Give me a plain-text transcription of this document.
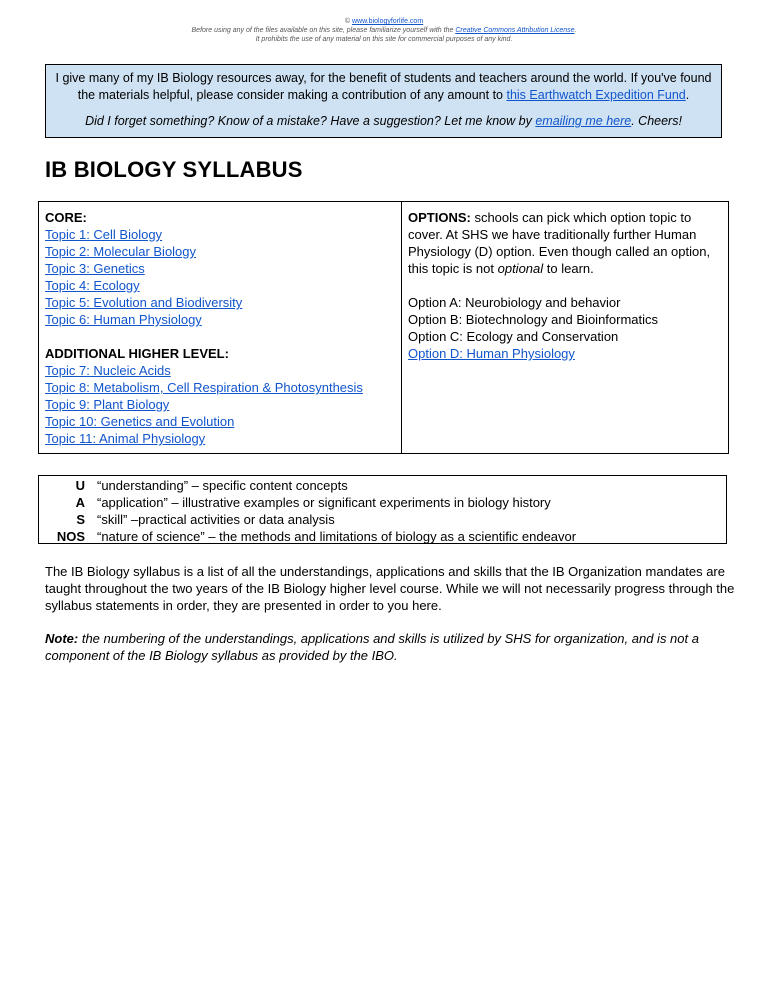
© www.biologyforlife.com
Before using any of the files available on this site, please familiarize yourself with the Creative Commons Attribution License.
It prohibits the use of any material on this site for commercial purposes of any kind.
I give many of my IB Biology resources away, for the benefit of students and teachers around the world. If you've found the materials helpful, please consider making a contribution of any amount to this Earthwatch Expedition Fund.
Did I forget something? Know of a mistake? Have a suggestion? Let me know by emailing me here. Cheers!
IB BIOLOGY SYLLABUS
CORE:
Topic 1: Cell Biology
Topic 2: Molecular Biology
Topic 3: Genetics
Topic 4: Ecology
Topic 5: Evolution and Biodiversity
Topic 6: Human Physiology
ADDITIONAL HIGHER LEVEL:
Topic 7: Nucleic Acids
Topic 8: Metabolism, Cell Respiration & Photosynthesis
Topic 9: Plant Biology
Topic 10: Genetics and Evolution
Topic 11: Animal Physiology
OPTIONS: schools can pick which option topic to cover. At SHS we have traditionally further Human Physiology (D) option. Even though called an option, this topic is not optional to learn.
Option A: Neurobiology and behavior
Option B: Biotechnology and Bioinformatics
Option C: Ecology and Conservation
Option D: Human Physiology
U “understanding” – specific content concepts
A “application” – illustrative examples or significant experiments in biology history
S “skill” –practical activities or data analysis
NOS “nature of science” – the methods and limitations of biology as a scientific endeavor
The IB Biology syllabus is a list of all the understandings, applications and skills that the IB Organization mandates are taught throughout the two years of the IB Biology higher level course. While we will not necessarily progress through the syllabus statements in order, they are presented in order to you here.
Note: the numbering of the understandings, applications and skills is utilized by SHS for organization, and is not a component of the IB Biology syllabus as provided by the IBO.
